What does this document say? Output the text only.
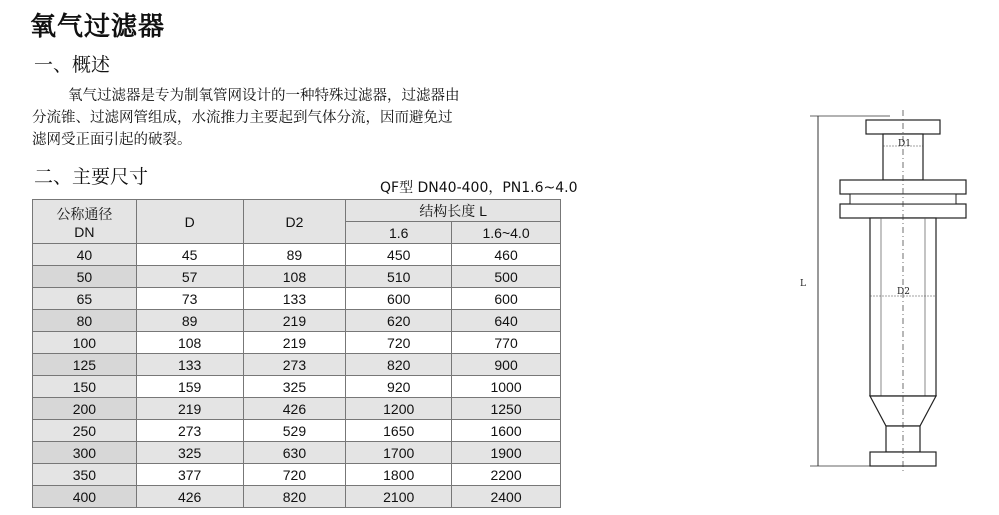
氧气过滤器
一、概述
氧气过滤器是专为制氧管网设计的一种特殊过滤器，过滤器由
分流锥、过滤网管组成，水流推力主要起到气体分流，因而避免过
滤网受正面引起的破裂。
二、主要尺寸	QF型 DN40-400，PN1.6~4.0
公称通径
DN	D	D2	结构长度 L	
			1.6	1.6~4.0
40	45	89	450	460
50	57	108	510	500
65	73	133	600	600
80	89	219	620	640
100	108	219	720	770
125	133	273	820	900
150	159	325	920	1000
200	219	426	1200	1250
250	273	529	1650	1600
300	325	630	1700	1900
350	377	720	1800	2200
400	426	820	2100	2400
L
D1
D2
